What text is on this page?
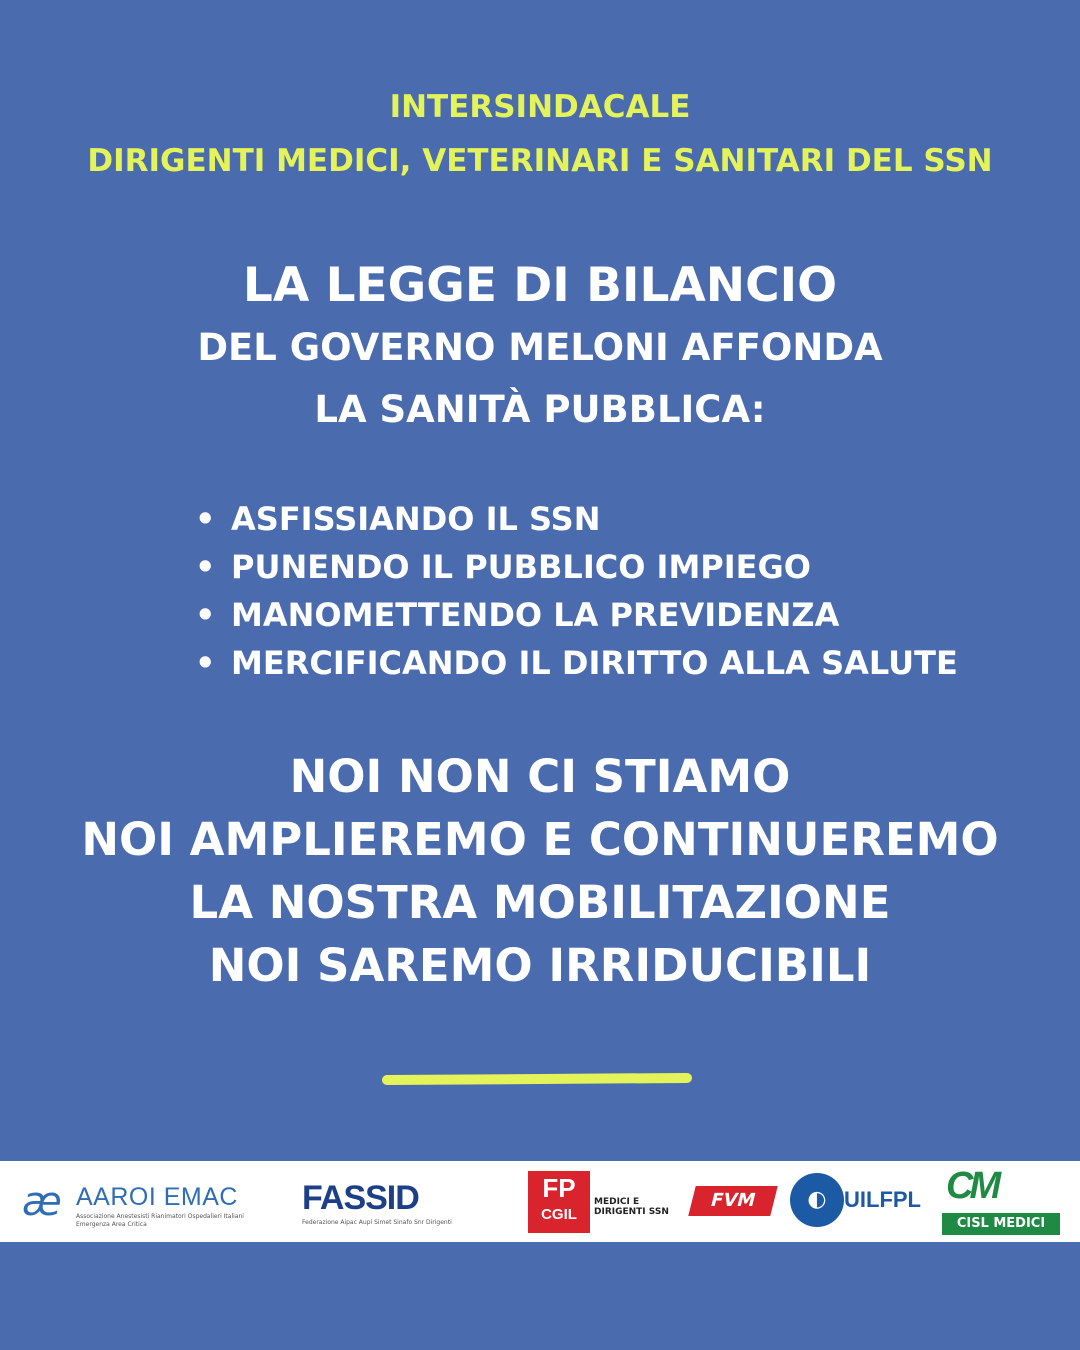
INTERSINDACALE
DIRIGENTI MEDICI, VETERINARI E SANITARI DEL SSN
LA LEGGE DI BILANCIO
DEL GOVERNO MELONI AFFONDA
LA SANITÀ PUBBLICA:
• ASFISSIANDO IL SSN
• PUNENDO IL PUBBLICO IMPIEGO
• MANOMETTENDO LA PREVIDENZA
• MERCIFICANDO IL DIRITTO ALLA SALUTE
NOI NON CI STIAMO
NOI AMPLIEREMO E CONTINUEREMO
LA NOSTRA MOBILITAZIONE
NOI SAREMO IRRIDUCIBILI
æ AAROI EMAC
Associazione Anestesisti Rianimatori Ospedalieri Italiani Emergenza Area Critica
FASSID
Federazione Aipac Aupi Simet Sinafo Snr Dirigenti
FP
CGIL
MEDICI E DIRIGENTI SSN
FVM	◐ UILFPL CM
CISL MEDICI
